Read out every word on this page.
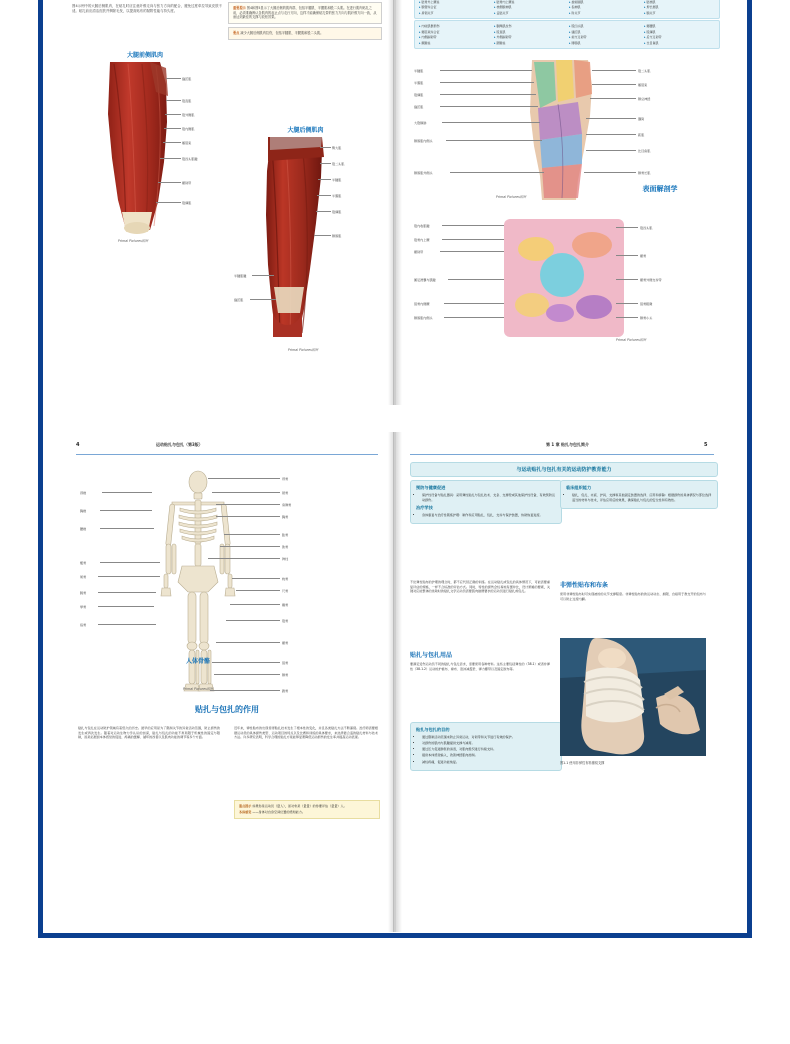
图4示例中的大腿后侧肌肉，在贴扎时应注意纤维走向与张力方向的配合，避免过度牵拉导致皮肤不适。贴扎前应清洁皮肤并剃除毛发，以提高贴布的黏附性能与持久度。
重要提示 图4和图5显示了大腿后侧的肌肉群，包括半腱肌、半膜肌和股二头肌。在进行肌肉贴扎之前，必须准确辨认各肌肉的起止点与走行方向，这样才能确保贴扎带的张力方向与肌纤维方向一致，从而达到最佳的支撑与放松效果。
要点 减少大腿后侧肌肉拉伤，包括半腱肌、半膜肌和股二头肌。
大腿前侧肌肉
缝匠肌
股直肌
股外侧肌
股内侧肌
髂胫束
股四头肌腱
髌韧带
股薄肌
Primal Pictures版图
大腿后侧肌肉
臀大肌
股二头肌
半腱肌
半膜肌
股薄肌
腓肠肌
半腱肌腱
缝匠肌
Primal Pictures版图
▸ 肱骨外上髁炎	▸ 肱骨内上髁炎	▸ 旋前圆肌	▸ 肱桡肌
▸ 腕管综合征	▸ 桡侧腕伸肌	▸ 指伸肌	▸ 拇长展肌
▸ 肩锁关节	▸ 盂肱关节	▸ 肘关节	▸ 腕关节
▸ 内收肌群损伤	▸ 腘绳肌拉伤	▸ 股四头肌	▸ 髂腰肌
▸ 髂胫束综合征	▸ 股直肌	▸ 缝匠肌	▸ 股薄肌
▸ 内侧副韧带	▸ 外侧副韧带	▸ 前交叉韧带	▸ 后交叉韧带
▸ 髌腱炎	▸ 跟腱炎	▸ 腓肠肌	▸ 比目鱼肌
半腱肌
半膜肌
股薄肌
缝匠肌
大隐静脉
腓肠肌内侧头
腓肠肌外侧头
股二头肌
髂胫束
腓总神经
腘窝
跖肌
比目鱼肌
腓骨长肌
表面解剖学
Primal Pictures版图
股内收肌腱
股骨内上髁
髌韧带
鹅足滑囊与肌腱
胫骨内侧髁
腓肠肌内侧头
股四头肌
髌骨
髌骨外侧支持带
胫骨粗隆
腓骨小头
Primal Pictures版图
4	运动贴扎与包扎（第3版）
人体骨骼
Primal Pictures版图
颅骨
锁骨
肩胛骨
胸骨
肱骨
肋骨
脊柱
桡骨
尺骨
髋骨
股骨
髌骨
胫骨
腓骨
跗骨
颈椎
胸椎
腰椎
骶骨
尾骨
腕骨
掌骨
指骨
贴扎与包扎的作用
贴扎与包扎在运动防护领域有着悠久的历史。最早的应用是为了限制关节的异常活动范围，防止损伤的发生或再次发生。随着对运动生物力学认识的加深，贴扎与包扎的功能不再局限于机械性的固定与限制，而是拓展到本体感觉的促进、疼痛的缓解、循环的改善以及肌肉功能的调节等多个方面。
近年来，弹性贴布的出现使得贴扎技术发生了根本性的变化，并且各类贴扎方法不断涌现。治疗师需要根据运动员的具体损伤类型、运动项目的特点以及比赛和训练的具体要求，来选择最合适的贴扎材料与技术方法。许多研究表明，科学合理的贴扎方案能够显著降低运动损伤的发生率并提高运动表现。
重点提示 如果你是运动员（量人），而对象是（量量）的你要评估（量量）人。
本体感觉 ——身体对自身空间位置的感知能力。
第 1 章 贴扎与包扎简介	5
与运动贴扎与包扎有关的运动防护教育能力
预防与健康促进
• 保护性设备与贴扎器具：采用弹性贴扎与包扎技术、支条、支撑垫或其他保护性设备，有效预防运动损伤。
治疗学技
• 身体康复与治疗性锻炼护理：制作和应用贴扎、包扎、支持与保护装置，协助恢复进度。
临床组织能力
• 贴扎、包扎、夹板、护具、支撑和其他固定装置的选择、应用和拆除：根据损伤的具体情况与部位选择适当的材料与技术，评估应用后的效果，确保贴扎与包扎的安全性和有效性。
不论弹性贴布的护理的理念时，都不应代替正确的训练。在运动贴扎或包扎的具体情况下，可能需要重复评估的规格，一样不合标准的评估方式。同时，特性的损伤会轻易地有缓冲比，设计策略的要素，关键对应能整体的选取时的贴扎文学运动员需要肌肉做便要求的运动员进行贴扎或包扎。
贴扎与包扎用品
要满足受伤运动员不同的贴扎与包扎需求，需要使用各种材料。这些主要包括弹性的（38.1）或者非弹性（38.1.2）运动的护植布、棉布、泡沫减震垫、弹力绷带以及固定胶布等。
贴扎与包扎的目的
• 通过限制活动范围来防止异常运动，对韧带和关节进行有效的保护。
• 对损伤的肌肉与肌腱提供支撑与减荷。
• 通过压力促进肿胀的消退，对肌肉组织进行持续支持。
• 提供本体感觉输入，改善神经肌肉控制。
• 减轻疼痛，促进功能恢复。
非弹性贴布和布条
使用非弹性贴布时可实现被的的关节支撑程度。非弹性贴布的的运动动态、拥限、自接用于教支开的包布与可以防止过度内翻。
图1.1 使用非弹性布料缠绕支撑
